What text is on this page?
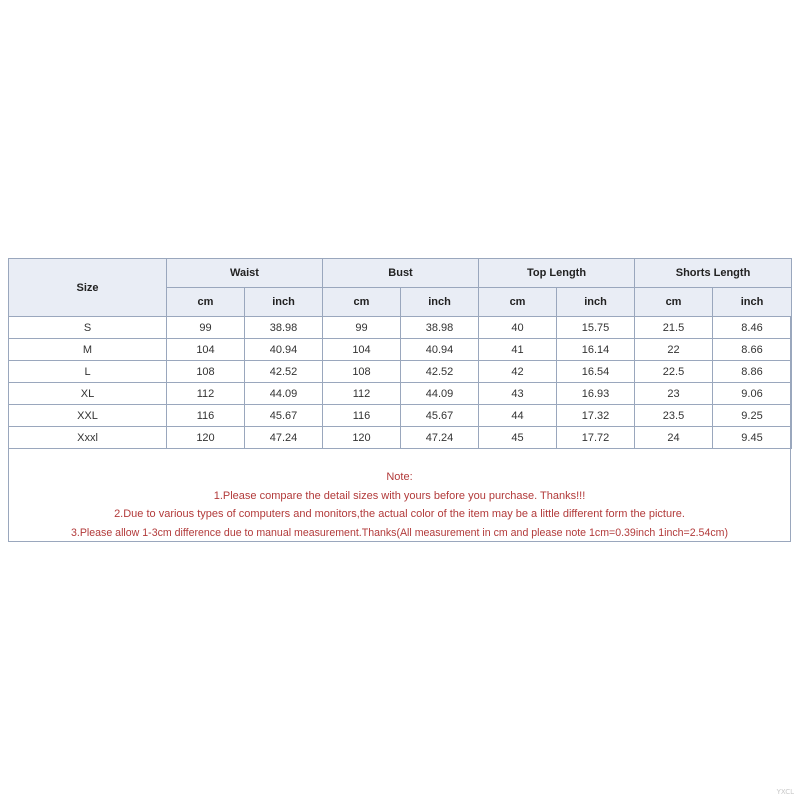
Size	Waist		Bust		Top Length		Shorts Length	
	cm	inch	cm	inch	cm	inch	cm	inch
S	99	38.98	99	38.98	40	15.75	21.5	8.46
M	104	40.94	104	40.94	41	16.14	22	8.66
L	108	42.52	108	42.52	42	16.54	22.5	8.86
XL	112	44.09	112	44.09	43	16.93	23	9.06
XXL	116	45.67	116	45.67	44	17.32	23.5	9.25
Xxxl	120	47.24	120	47.24	45	17.72	24	9.45
Note:
1.Please compare the detail sizes with yours before you purchase. Thanks!!!
2.Due to various types of computers and monitors,the actual color of the item may be a little different form the picture.
3.Please allow 1-3cm difference due to manual measurement.Thanks(All measurement in cm and please note 1cm=0.39inch 1inch=2.54cm)
YXCL
